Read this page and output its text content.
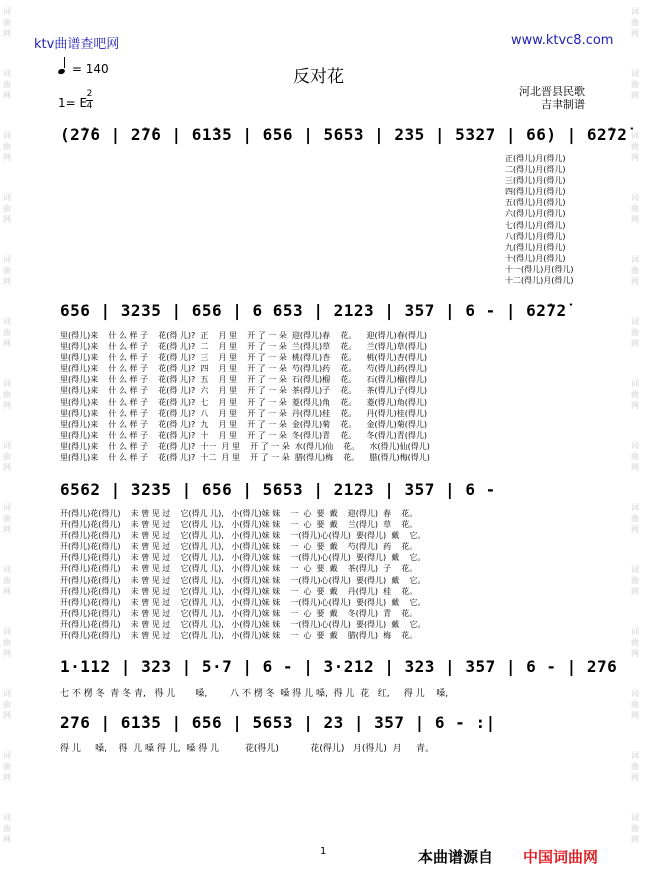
词
曲
网
词
曲
网
词
曲
网
词
曲
网
词
曲
网
词
曲
网
词
曲
网
词
曲
网
词
曲
网
词
曲
网
词
曲
网
词
曲
网
词
曲
网
词
曲
网
词
曲
网
词
曲
网
词
曲
网
词
曲
网
词
曲
网
词
曲
网
词
曲
网
词
曲
网
词
曲
网
词
曲
网
词
曲
网
词
曲
网
词
曲
网
词
曲
网
ktv曲谱查吧网	www.ktvc8.com
= 140	反对花
1= E
2
4
河北晋县民歌
吉聿制谱
(2̇7̇6 | 2̇7̇6 | 61̇35 | 656 | 5653 | 235 | 5327 | 66) | 62̇72̇
正(得儿)月(得儿)
二(得儿)月(得儿)
三(得儿)月(得儿)
四(得儿)月(得儿)
五(得儿)月(得儿)
六(得儿)月(得儿)
七(得儿)月(得儿)
八(得儿)月(得儿)
九(得儿)月(得儿)
十(得儿)月(得儿)
十一(得儿)月(得儿)
十二(得儿)月(得儿)
656 | 3235 | 656 | 6 653 | 2123 | 357 | 6 - | 62̇72̇
里(得儿)来    什 么 样 子    花(得 儿)?  正    月 里    开 了 一 朵  迎(得儿)春    花。    迎(得儿)春(得儿)
里(得儿)来    什 么 样 子    花(得 儿)?  二    月 里    开 了 一 朵  兰(得儿)草    花。    兰(得儿)草(得儿)
里(得儿)来    什 么 样 子    花(得 儿)?  三    月 里    开 了 一 朵  桃(得儿)杏    花。    桃(得儿)杏(得儿)
里(得儿)来    什 么 样 子    花(得 儿)?  四    月 里    开 了 一 朵  芍(得儿)药    花。    芍(得儿)药(得儿)
里(得儿)来    什 么 样 子    花(得 儿)?  五    月 里    开 了 一 朵  石(得儿)榴    花。    石(得儿)榴(得儿)
里(得儿)来    什 么 样 子    花(得 儿)?  六    月 里    开 了 一 朵  茶(得儿)子    花。    茶(得儿)子(得儿)
里(得儿)来    什 么 样 子    花(得 儿)?  七    月 里    开 了 一 朵  菱(得儿)角    花。    菱(得儿)角(得儿)
里(得儿)来    什 么 样 子    花(得 儿)?  八    月 里    开 了 一 朵  丹(得儿)桂    花。    丹(得儿)桂(得儿)
里(得儿)来    什 么 样 子    花(得 儿)?  九    月 里    开 了 一 朵  金(得儿)菊    花。    金(得儿)菊(得儿)
里(得儿)来    什 么 样 子    花(得 儿)?  十    月 里    开 了 一 朵  冬(得儿)青    花。    冬(得儿)青(得儿)
里(得儿)来    什 么 样 子    花(得 儿)?  十一  月 里    开 了 一 朵  水(得儿)仙    花。    水(得儿)仙(得儿)
里(得儿)来    什 么 样 子    花(得 儿)?  十二  月 里    开 了 一 朵  腊(得儿)梅    花。    腊(得儿)梅(得儿)
6562 | 3235 | 656 | 5653 | 2123 | 357 | 6 -
开(得儿)花(得儿)    未 曾 见 过    它(得儿 儿),   小(得儿)妹 妹    一  心  要  戴    迎(得儿)  春    花。
开(得儿)花(得儿)    未 曾 见 过    它(得儿 儿),   小(得儿)妹 妹    一  心  要  戴    兰(得儿)  草    花。
开(得儿)花(得儿)    未 曾 见 过    它(得儿 儿),   小(得儿)妹 妹    一(得儿)心(得儿)  要(得儿)  戴    它。
开(得儿)花(得儿)    未 曾 见 过    它(得儿 儿),   小(得儿)妹 妹    一  心  要  戴    芍(得儿)  药    花。
开(得儿)花(得儿)    未 曾 见 过    它(得儿 儿),   小(得儿)妹 妹    一(得儿)心(得儿)  要(得儿)  戴    它。
开(得儿)花(得儿)    未 曾 见 过    它(得儿 儿),   小(得儿)妹 妹    一  心  要  戴    茶(得儿)  子    花。
开(得儿)花(得儿)    未 曾 见 过    它(得儿 儿),   小(得儿)妹 妹    一(得儿)心(得儿)  要(得儿)  戴    它。
开(得儿)花(得儿)    未 曾 见 过    它(得儿 儿),   小(得儿)妹 妹    一  心  要  戴    丹(得儿)  桂    花。
开(得儿)花(得儿)    未 曾 见 过    它(得儿 儿),   小(得儿)妹 妹    一(得儿)心(得儿)  要(得儿)  戴    它。
开(得儿)花(得儿)    未 曾 见 过    它(得儿 儿),   小(得儿)妹 妹    一  心  要  戴    冬(得儿)  青    花。
开(得儿)花(得儿)    未 曾 见 过    它(得儿 儿),   小(得儿)妹 妹    一(得儿)心(得儿)  要(得儿)  戴    它。
开(得儿)花(得儿)    未 曾 见 过    它(得儿 儿),   小(得儿)妹 妹    一  心  要  戴    腊(得儿)  梅    花。
1·112 | 323 | 5·7 | 6 - | 3·212 | 323 | 357 | 6 - | 276
七 不 楞 冬  青 冬 青,   得 儿       嗓,        八 不 楞 冬  嗓 得 儿 嗓,  得 儿  花   红,     得 儿    嗓,
276 | 61̇35 | 656 | 5653 | 23 | 357 | 6 - :|
得 儿     嗓,    得  儿 嗓 得 儿,  嗓 得 儿         花(得儿)           花(得儿)   月(得儿)  月     青。
1	本曲谱源自 中国词曲网
